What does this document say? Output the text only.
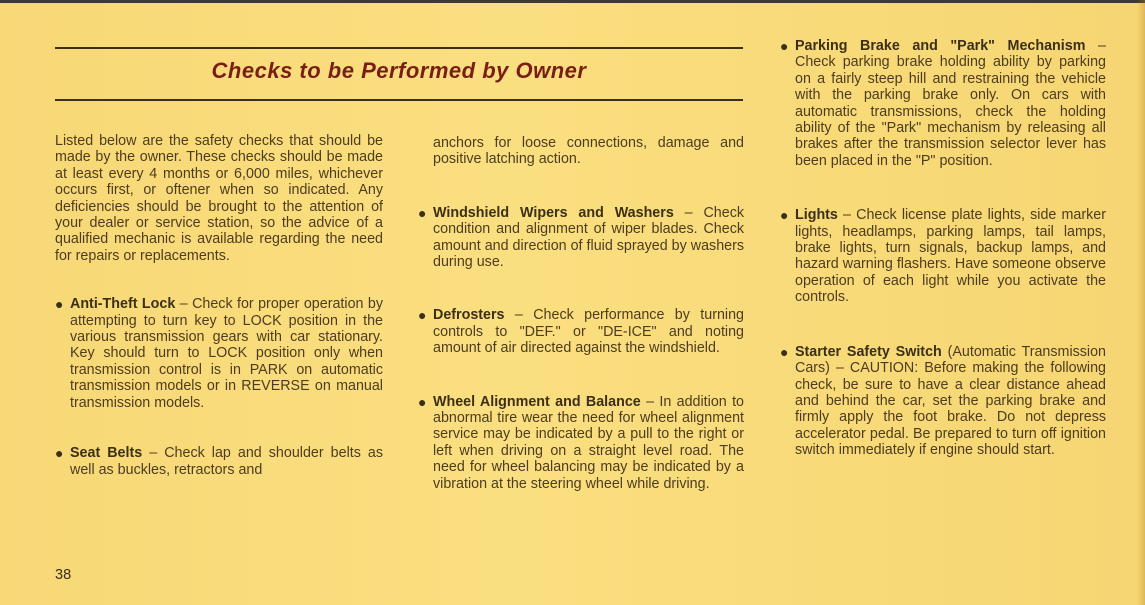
Checks to be Performed by Owner

Listed below are the safety checks that should be made by the owner. These checks should be made at least every 4 months or 6,000 miles, whichever occurs first, or oftener when so indicated. Any deficiencies should be brought to the attention of your dealer or service station, so the advice of a qualified mechanic is available regarding the need for repairs or replacements.

● Anti-Theft Lock – Check for proper operation by attempting to turn key to LOCK position in the various transmission gears with car stationary. Key should turn to LOCK position only when transmission control is in PARK on automatic transmission models or in REVERSE on manual transmission models.
● Seat Belts – Check lap and shoulder belts as well as buckles, retractors and

anchors for loose connections, damage and positive latching action.

● Windshield Wipers and Washers – Check condition and alignment of wiper blades. Check amount and direction of fluid sprayed by washers during use.
● Defrosters – Check performance by turning controls to "DEF." or "DE-ICE" and noting amount of air directed against the windshield.
● Wheel Alignment and Balance – In addition to abnormal tire wear the need for wheel alignment service may be indicated by a pull to the right or left when driving on a straight level road. The need for wheel balancing may be indicated by a vibration at the steering wheel while driving.
● Parking Brake and "Park" Mechanism – Check parking brake holding ability by parking on a fairly steep hill and restraining the vehicle with the parking brake only. On cars with automatic transmissions, check the holding ability of the "Park" mechanism by releasing all brakes after the transmission selector lever has been placed in the "P" position.
● Lights – Check license plate lights, side marker lights, headlamps, parking lamps, tail lamps, brake lights, turn signals, backup lamps, and hazard warning flashers. Have someone observe operation of each light while you activate the controls.
● Starter Safety Switch (Automatic Transmission Cars) – CAUTION: Before making the following check, be sure to have a clear distance ahead and behind the car, set the parking brake and firmly apply the foot brake. Do not depress accelerator pedal. Be prepared to turn off ignition switch immediately if engine should start.
38
